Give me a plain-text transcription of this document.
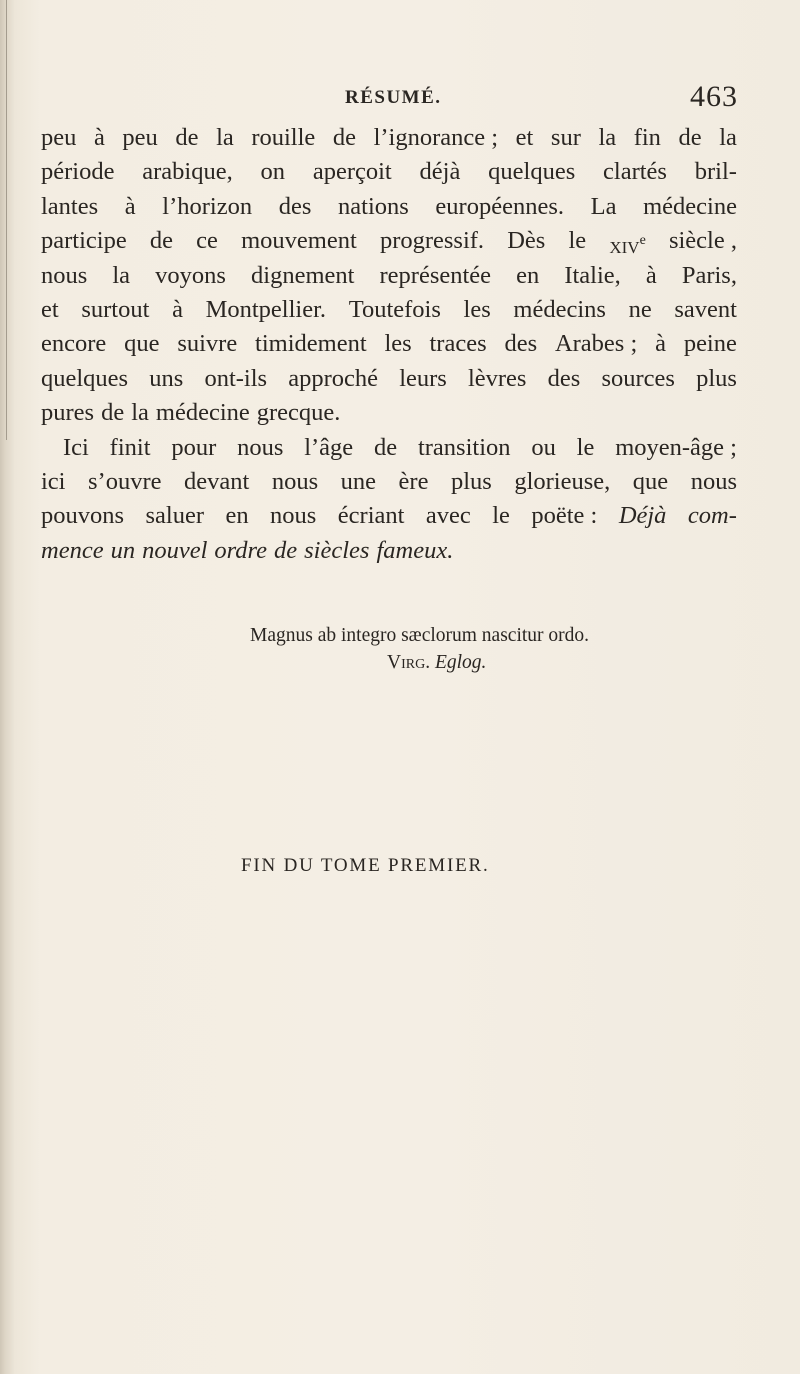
RÉSUMÉ.	463
peu à peu de la rouille de l’ignorance ; et sur la fin de la
période arabique, on aperçoit déjà quelques clartés bril-
lantes à l’horizon des nations européennes. La médecine
participe de ce mouvement progressif. Dès le xiv$^e$ siècle ,
nous la voyons dignement représentée en Italie, à Paris,
et surtout à Montpellier. Toutefois les médecins ne savent
encore que suivre timidement les traces des Arabes ; à peine
quelques uns ont-ils approché leurs lèvres des sources plus
pures de la médecine grecque.
Ici finit pour nous l’âge de transition ou le moyen-âge ;
ici s’ouvre devant nous une ère plus glorieuse, que nous
pouvons saluer en nous écriant avec le poëte : Déjà com-
mence un nouvel ordre de siècles fameux.
Magnus ab integro sæclorum nascitur ordo.
Virg. Eglog.
FIN DU TOME PREMIER.
